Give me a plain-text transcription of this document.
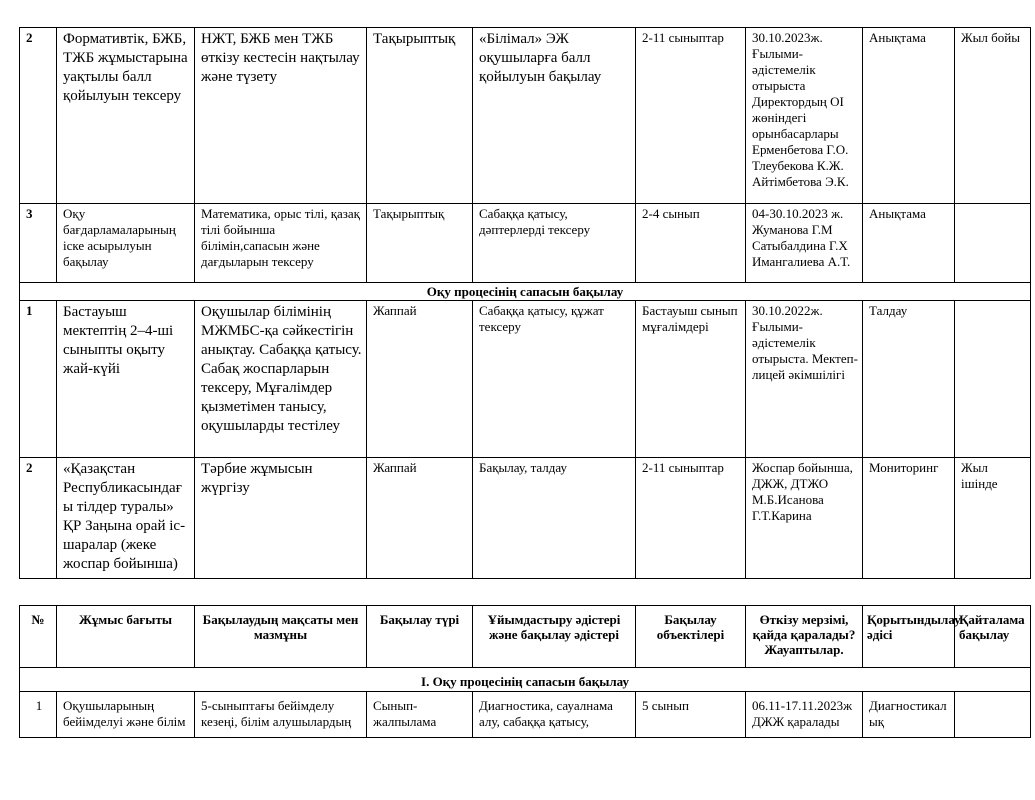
2	Формативтік, БЖБ, ТЖБ жұмыстарына уақтылы балл қойылуын тексеру	НЖТ, БЖБ мен ТЖБ өткізу кестесін нақтылау және түзету	Тақырыптық	«Білімал» ЭЖ оқушыларға балл қойылуын бақылау	2-11 сыныптар	30.10.2023ж. Ғылыми-әдістемелік отырыста Директордың ОІ жөніндегі орынбасарлары Ерменбетова Г.О. Тлеубекова К.Ж. Айтімбетова Э.К.	Анықтама	Жыл бойы
3	Оқу бағдарламаларының іске асырылуын бақылау	Математика, орыс тілі, қазақ тілі бойынша білімін,сапасын және дағдыларын тексеру	Тақырыптық	Сабаққа қатысу, дәптерлерді тексеру	2-4 сынып	04-30.10.2023 ж. Жуманова Г.М Сатыбалдина Г.Х Имангалиева А.Т.	Анықтама	
Оқу процесінің сапасын бақылау								
1	Бастауыш мектептің 2–4-ші сыныпты оқыту жай-күйі	Оқушылар білімінің МЖМБС-қа сәйкестігін анықтау. Сабаққа қатысу. Сабақ жоспарларын тексеру, Мұғалімдер қызметімен танысу, оқушыларды тестілеу	Жаппай	Сабаққа қатысу, құжат тексеру	Бастауыш сынып мұғалімдері	30.10.2022ж. Ғылыми-әдістемелік отырыста. Мектеп-лицей әкімшілігі	Талдау	
2	«Қазақстан Республикасындағы тілдер туралы» ҚР Заңына орай іс-шаралар (жеке жоспар бойынша)	Тәрбие жұмысын жүргізу	Жаппай	Бақылау, талдау	2-11 сыныптар	Жоспар бойынша, ДЖЖ, ДТЖО М.Б.Исанова Г.Т.Карина	Мониторинг	Жыл ішінде
№	Жұмыс бағыты	Бақылаудың мақсаты мен мазмұны	Бақылау түрі	Ұйымдастыру әдістері және бақылау әдістері	Бақылау объектілері	Өткізу мерзімі, қайда қаралады? Жауаптылар.	Қорытындылау әдісі	Қайталама бақылау
I. Оқу процесінің сапасын бақылау								
1	Оқушыларының бейімделуі және білім	5-сыныптағы бейімделу кезеңі, білім алушылардың	Сынып-жалпылама	Диагностика, сауалнама алу, сабаққа қатысу,	5 сынып	06.11-17.11.2023ж ДЖЖ қаралады	Диагностикалық	
